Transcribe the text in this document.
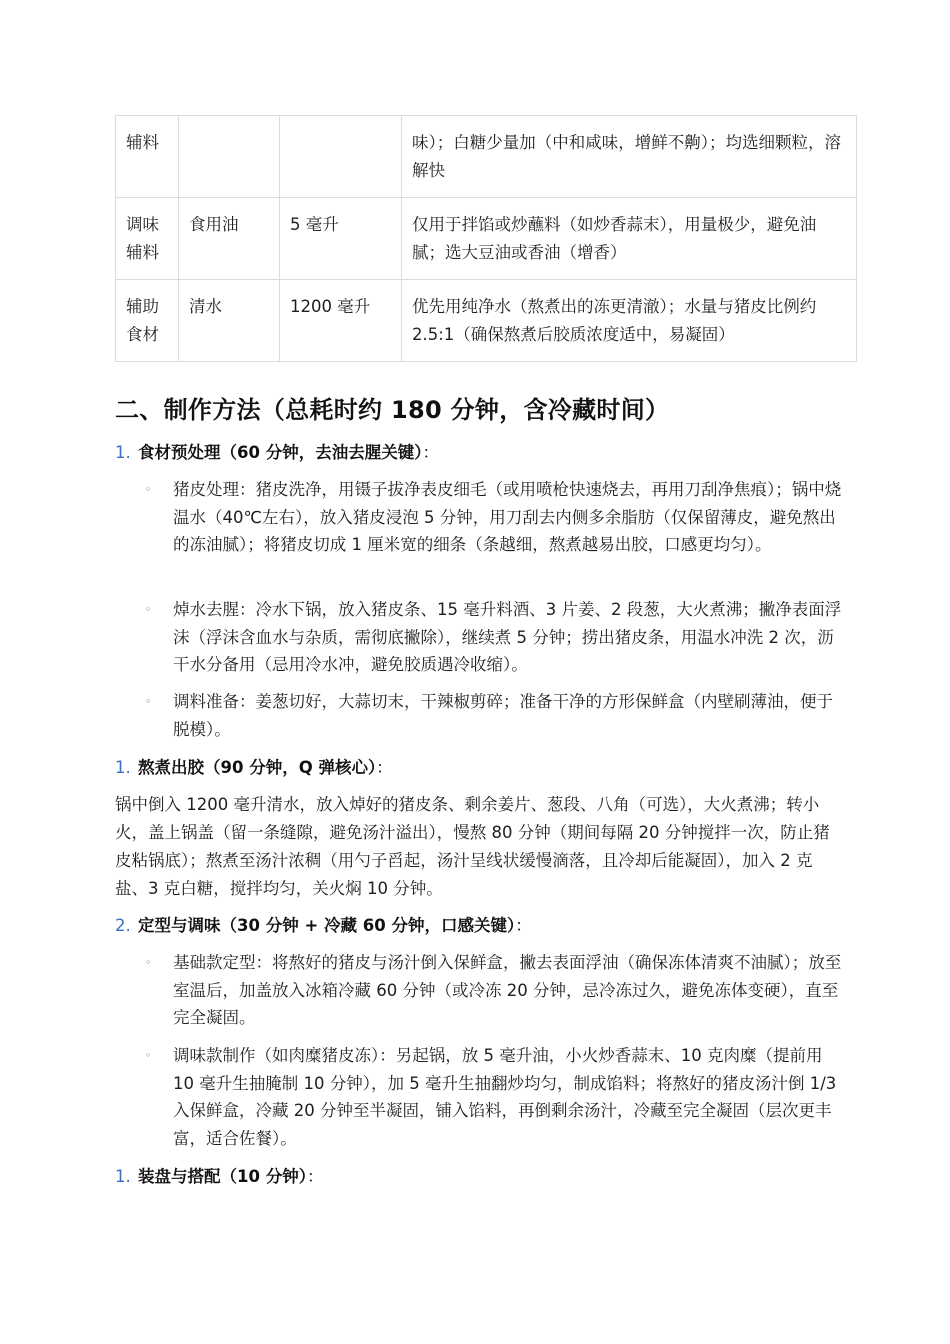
辅料			味）；白糖少量加（中和咸味，增鲜不齁）；均选细颗粒，溶解快
调味辅料	食用油	5 毫升	仅用于拌馅或炒蘸料（如炒香蒜末），用量极少，避免油腻；选大豆油或香油（增香）
辅助食材	清水	1200 毫升	优先用纯净水（熬煮出的冻更清澈）；水量与猪皮比例约 2.5:1（确保熬煮后胶质浓度适中，易凝固）
二、制作方法（总耗时约 180 分钟，含冷藏时间）
1. 食材预处理（60 分钟，去油去腥关键）：
◦ 猪皮处理：猪皮洗净，用镊子拔净表皮细毛（或用喷枪快速烧去，再用刀刮净焦痕）；锅中烧温水（40℃左右），放入猪皮浸泡 5 分钟，用刀刮去内侧多余脂肪（仅保留薄皮，避免熬出的冻油腻）；将猪皮切成 1 厘米宽的细条（条越细，熬煮越易出胶，口感更均匀）。
◦ 焯水去腥：冷水下锅，放入猪皮条、15 毫升料酒、3 片姜、2 段葱，大火煮沸；撇净表面浮沫（浮沫含血水与杂质，需彻底撇除），继续煮 5 分钟；捞出猪皮条，用温水冲洗 2 次，沥干水分备用（忌用冷水冲，避免胶质遇冷收缩）。
◦ 调料准备：姜葱切好，大蒜切末，干辣椒剪碎；准备干净的方形保鲜盒（内壁刷薄油，便于脱模）。
1. 熬煮出胶（90 分钟，Q 弹核心）：
锅中倒入 1200 毫升清水，放入焯好的猪皮条、剩余姜片、葱段、八角（可选），大火煮沸；转小火，盖上锅盖（留一条缝隙，避免汤汁溢出），慢熬 80 分钟（期间每隔 20 分钟搅拌一次，防止猪皮粘锅底）；熬煮至汤汁浓稠（用勺子舀起，汤汁呈线状缓慢滴落，且冷却后能凝固），加入 2 克盐、3 克白糖，搅拌均匀，关火焖 10 分钟。
2. 定型与调味（30 分钟 + 冷藏 60 分钟，口感关键）：
◦ 基础款定型：将熬好的猪皮与汤汁倒入保鲜盒，撇去表面浮油（确保冻体清爽不油腻）；放至室温后，加盖放入冰箱冷藏 60 分钟（或冷冻 20 分钟，忌冷冻过久，避免冻体变硬），直至完全凝固。
◦ 调味款制作（如肉糜猪皮冻）：另起锅，放 5 毫升油，小火炒香蒜末、10 克肉糜（提前用 10 毫升生抽腌制 10 分钟），加 5 毫升生抽翻炒均匀，制成馅料；将熬好的猪皮汤汁倒 1/3 入保鲜盒，冷藏 20 分钟至半凝固，铺入馅料，再倒剩余汤汁，冷藏至完全凝固（层次更丰富，适合佐餐）。
1. 装盘与搭配（10 分钟）：
